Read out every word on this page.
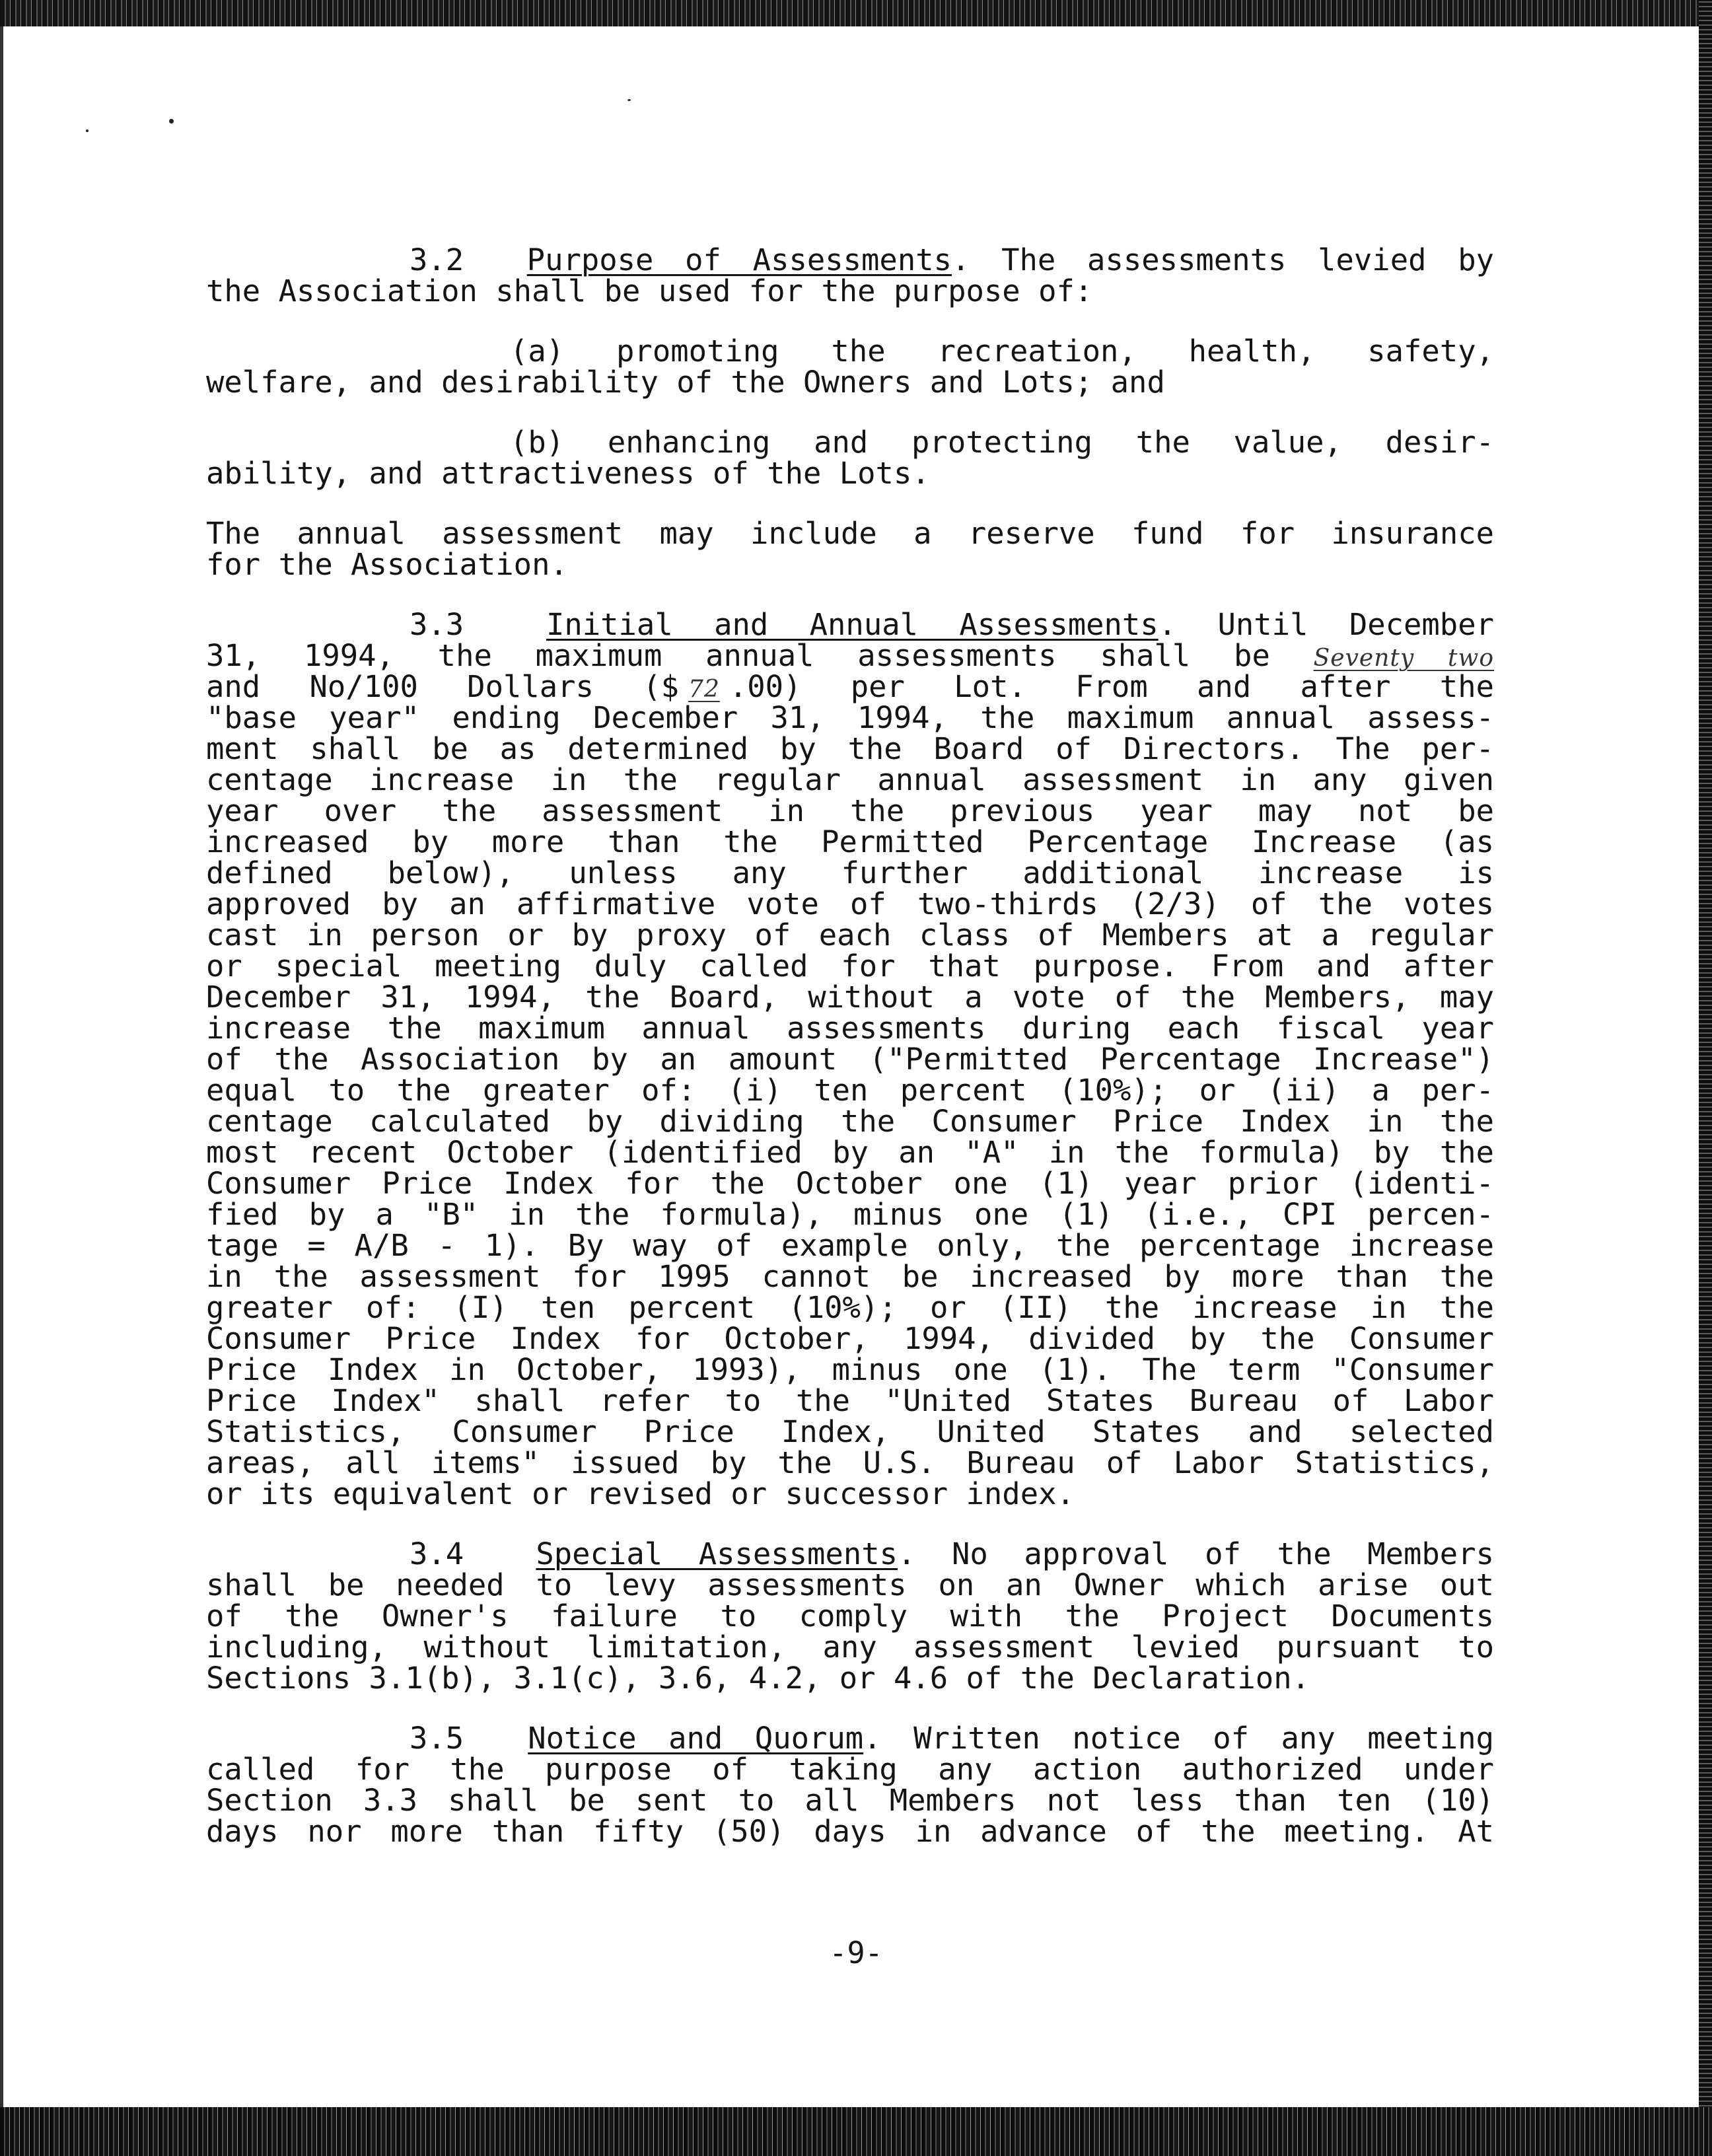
3.2 Purpose of Assessments. The assessments levied by
the Association shall be used for the purpose of:
(a) promoting the recreation, health, safety,
welfare, and desirability of the Owners and Lots; and
(b) enhancing and protecting the value, desir-
ability, and attractiveness of the Lots.
The annual assessment may include a reserve fund for insurance
for the Association.
3.3	Initial and Annual Assessments. Until December
31, 1994, the maximum annual assessments shall be Seventy two
and No/100 Dollars ($ 72 .00) per Lot. From and after the
"base year" ending December 31, 1994, the maximum annual assess-
ment shall be as determined by the Board of Directors. The per-
centage increase in the regular annual assessment in any given
year over the assessment in the previous year may not be
increased by more than the Permitted Percentage Increase (as
defined below), unless any further additional increase is
approved by an affirmative vote of two-thirds (2/3) of the votes
cast in person or by proxy of each class of Members at a regular
or special meeting duly called for that purpose. From and after
December 31, 1994, the Board, without a vote of the Members, may
increase the maximum annual assessments during each fiscal year
of the Association by an amount ("Permitted Percentage Increase")
equal to the greater of: (i) ten percent (10%); or (ii) a per-
centage calculated by dividing the Consumer Price Index in the
most recent October (identified by an "A" in the formula) by the
Consumer Price Index for the October one (1) year prior (identi-
fied by a "B" in the formula), minus one (1) (i.e., CPI percen-
tage = A/B - 1). By way of example only, the percentage increase
in the assessment for 1995 cannot be increased by more than the
greater of: (I) ten percent (10%); or (II) the increase in the
Consumer Price Index for October, 1994, divided by the Consumer
Price Index in October, 1993), minus one (1). The term "Consumer
Price Index" shall refer to the "United States Bureau of Labor
Statistics, Consumer Price Index, United States and selected
areas, all items" issued by the U.S. Bureau of Labor Statistics,
or its equivalent or revised or successor index.
3.4 Special Assessments. No approval of the Members
shall be needed to levy assessments on an Owner which arise out
of the Owner's failure to comply with the Project Documents
including, without limitation, any assessment levied pursuant to
Sections 3.1(b), 3.1(c), 3.6, 4.2, or 4.6 of the Declaration.
3.5 Notice and Quorum. Written notice of any meeting
called for the purpose of taking any action authorized under
Section 3.3 shall be sent to all Members not less than ten (10)
days nor more than fifty (50) days in advance of the meeting. At
-9-
